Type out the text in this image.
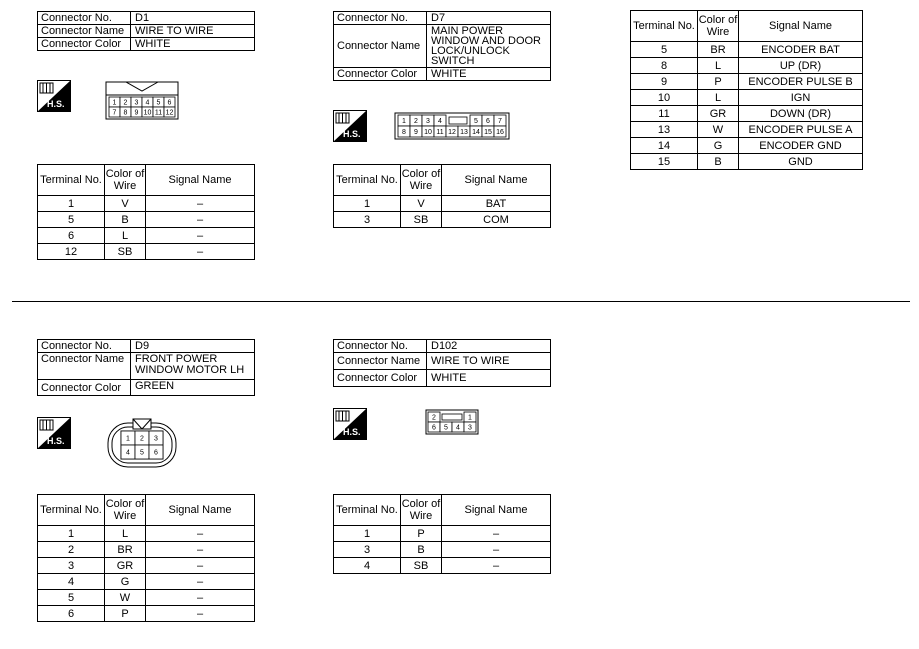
Connector No.	D1
Connector Name	WIRE TO WIRE
Connector Color	WHITE
H.S.	1 2 3 4 5 6
7 8 9 10 11 12
Terminal No.	Color of Wire	Signal Name
1	V	–
5	B	–
6	L	–
12	SB	–
Connector No.	D7
Connector Name	MAIN POWER WINDOW AND DOOR LOCK/UNLOCK SWITCH
Connector Color	WHITE
H.S.
1 2 3 4	5 6 7
8 9 10 11 12 13 14 15 16
Terminal No.	Color of Wire	Signal Name
1	V	BAT
3	SB	COM
Terminal No.	Color of Wire	Signal Name
5	BR	ENCODER BAT
8	L	UP (DR)
9	P	ENCODER PULSE B
10	L	IGN
11	GR	DOWN (DR)
13	W	ENCODER PULSE A
14	G	ENCODER GND
15	B	GND
Connector No.	D9
Connector Name	FRONT POWER WINDOW MOTOR LH
Connector Color	GREEN
H.S.	1 2 3
4 5 6
Terminal No.	Color of Wire	Signal Name
1	L	–
2	BR	–
3	GR	–
4	G	–
5	W	–
6	P	–
Connector No.	D102
Connector Name	WIRE TO WIRE
Connector Color	WHITE
H.S.
2	1
6 5 4 3
Terminal No.	Color of Wire	Signal Name
1	P	–
3	B	–
4	SB	–
